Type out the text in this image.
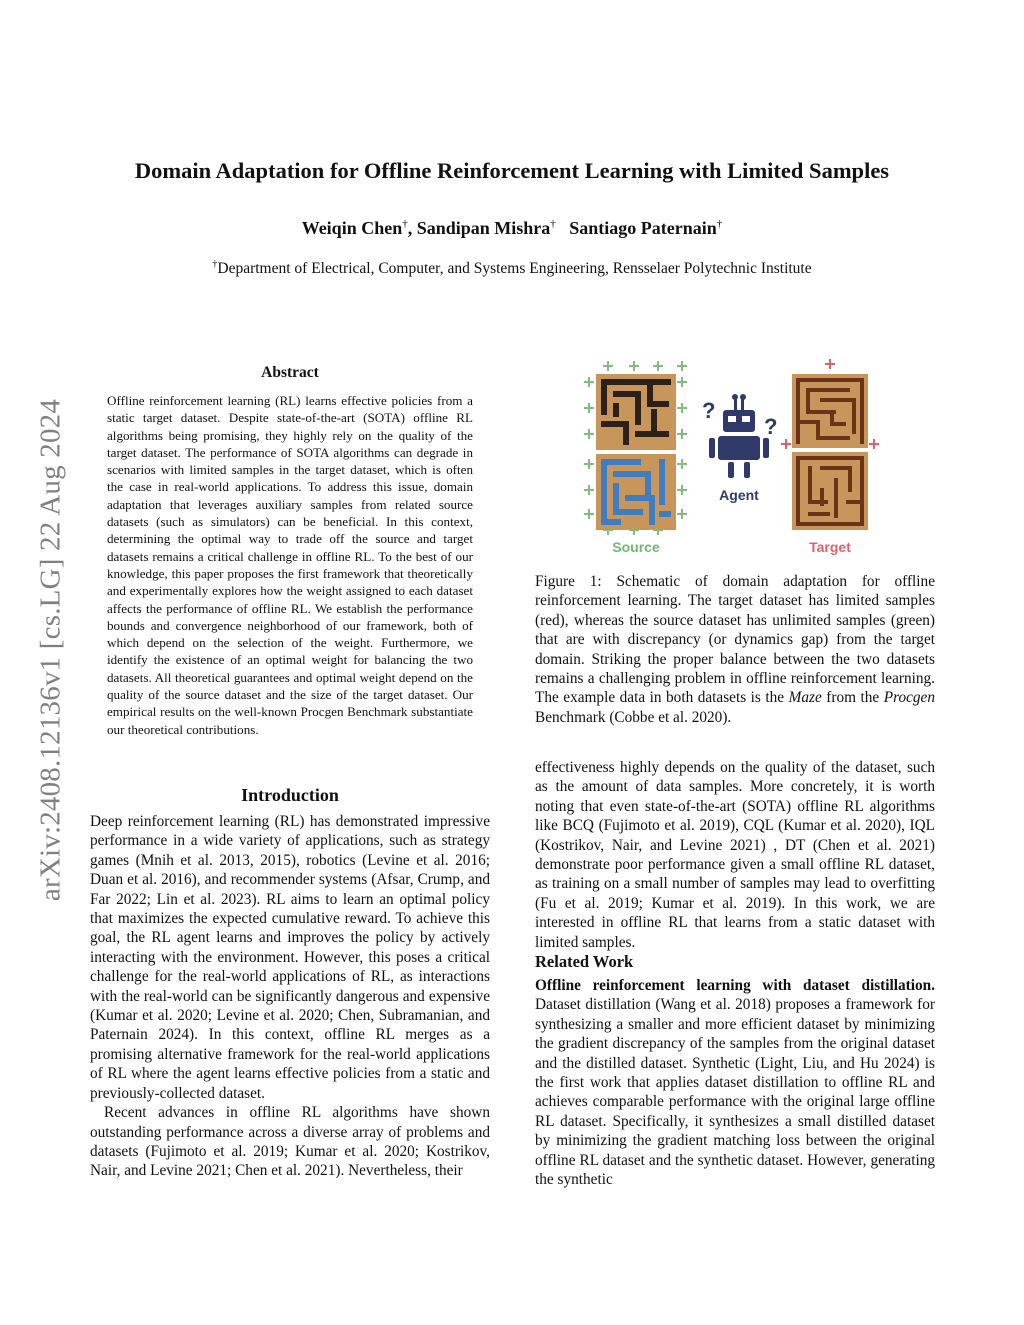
arXiv:2408.12136v1 [cs.LG] 22 Aug 2024
Domain Adaptation for Offline Reinforcement Learning with Limited Samples
Weiqin Chen†, Sandipan Mishra† Santiago Paternain†
†Department of Electrical, Computer, and Systems Engineering, Rensselaer Polytechnic Institute
Abstract
Offline reinforcement learning (RL) learns effective policies from a static target dataset. Despite state-of-the-art (SOTA) offline RL algorithms being promising, they highly rely on the quality of the target dataset. The performance of SOTA algorithms can degrade in scenarios with limited samples in the target dataset, which is often the case in real-world applications. To address this issue, domain adaptation that leverages auxiliary samples from related source datasets (such as simulators) can be beneficial. In this context, determining the optimal way to trade off the source and target datasets remains a critical challenge in offline RL. To the best of our knowledge, this paper proposes the first framework that theoretically and experimentally explores how the weight assigned to each dataset affects the performance of offline RL. We establish the performance bounds and convergence neighborhood of our framework, both of which depend on the selection of the weight. Furthermore, we identify the existence of an optimal weight for balancing the two datasets. All theoretical guarantees and optimal weight depend on the quality of the source dataset and the size of the target dataset. Our empirical results on the well-known Procgen Benchmark substantiate our theoretical contributions.
?
?
Agent
Source	Target
Figure 1: Schematic of domain adaptation for offline reinforcement learning. The target dataset has limited samples (red), whereas the source dataset has unlimited samples (green) that are with discrepancy (or dynamics gap) from the target domain. Striking the proper balance between the two datasets remains a challenging problem in offline reinforcement learning. The example data in both datasets is the Maze from the Procgen Benchmark (Cobbe et al. 2020).
Introduction

Deep reinforcement learning (RL) has demonstrated impressive performance in a wide variety of applications, such as strategy games (Mnih et al. 2013, 2015), robotics (Levine et al. 2016; Duan et al. 2016), and recommender systems (Afsar, Crump, and Far 2022; Lin et al. 2023). RL aims to learn an optimal policy that maximizes the expected cumulative reward. To achieve this goal, the RL agent learns and improves the policy by actively interacting with the environment. However, this poses a critical challenge for the real-world applications of RL, as interactions with the real-world can be significantly dangerous and expensive (Kumar et al. 2020; Levine et al. 2020; Chen, Subramanian, and Paternain 2024). In this context, offline RL merges as a promising alternative framework for the real-world applications of RL where the agent learns effective policies from a static and previously-collected dataset.

Recent advances in offline RL algorithms have shown outstanding performance across a diverse array of problems and datasets (Fujimoto et al. 2019; Kumar et al. 2020; Kostrikov, Nair, and Levine 2021; Chen et al. 2021). Nevertheless, their

effectiveness highly depends on the quality of the dataset, such as the amount of data samples. More concretely, it is worth noting that even state-of-the-art (SOTA) offline RL algorithms like BCQ (Fujimoto et al. 2019), CQL (Kumar et al. 2020), IQL (Kostrikov, Nair, and Levine 2021) , DT (Chen et al. 2021) demonstrate poor performance given a small offline RL dataset, as training on a small number of samples may lead to overfitting (Fu et al. 2019; Kumar et al. 2019). In this work, we are interested in offline RL that learns from a static dataset with limited samples.

Related Work

Offline reinforcement learning with dataset distillation. Dataset distillation (Wang et al. 2018) proposes a framework for synthesizing a smaller and more efficient dataset by minimizing the gradient discrepancy of the samples from the original dataset and the distilled dataset. Synthetic (Light, Liu, and Hu 2024) is the first work that applies dataset distillation to offline RL and achieves comparable performance with the original large offline RL dataset. Specifically, it synthesizes a small distilled dataset by minimizing the gradient matching loss between the original offline RL dataset and the synthetic dataset. However, generating the synthetic
